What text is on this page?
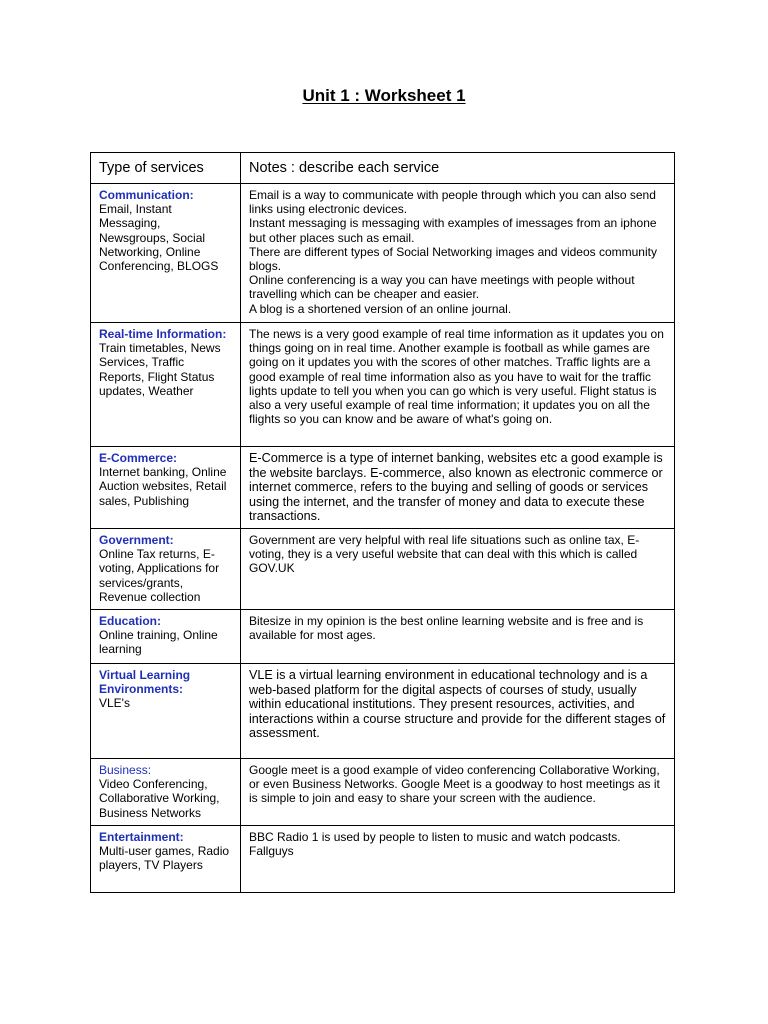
Unit 1 : Worksheet 1
Type of services	Notes : describe each service

Communication:
Email, Instant Messaging, Newsgroups, Social Networking, Online Conferencing, BLOGS	Email is a way to communicate with people through which you can also send links using electronic devices.
Instant messaging is messaging with examples of imessages from an iphone but other places such as email.
There are different types of Social Networking images and videos community blogs.
Online conferencing is a way you can have meetings with people without travelling which can be cheaper and easier.
A blog is a shortened version of an online journal.

Real-time Information:
Train timetables, News Services, Traffic Reports, Flight Status updates, Weather	The news is a very good example of real time information as it updates you on things going on in real time. Another example is football as while games are going on it updates you with the scores of other matches. Traffic lights are a good example of real time information also as you have to wait for the traffic lights update to tell you when you can go which is very useful. Flight status is also a very useful example of real time information; it updates you on all the flights so you can know and be aware of what's going on.

E-Commerce:
Internet banking, Online Auction websites, Retail sales, Publishing	E-Commerce is a type of internet banking, websites etc a good example is the website barclays. E-commerce, also known as electronic commerce or internet commerce, refers to the buying and selling of goods or services using the internet, and the transfer of money and data to execute these transactions.

Government:
Online Tax returns, E-voting, Applications for services/grants, Revenue collection	Government are very helpful with real life situations such as online tax, E-voting, they is a very useful website that can deal with this which is called GOV.UK

Education:
Online training, Online learning	Bitesize in my opinion is the best online learning website and is free and is available for most ages.

Virtual Learning Environments:
VLE's	VLE is a virtual learning environment in educational technology and is a web-based platform for the digital aspects of courses of study, usually within educational institutions. They present resources, activities, and interactions within a course structure and provide for the different stages of assessment.

Business:
Video Conferencing, Collaborative Working, Business Networks	Google meet is a good example of video conferencing Collaborative Working, or even Business Networks. Google Meet is a goodway to host meetings as it is simple to join and easy to share your screen with the audience.

Entertainment:
Multi-user games, Radio players, TV Players	BBC Radio 1 is used by people to listen to music and watch podcasts. Fallguys
